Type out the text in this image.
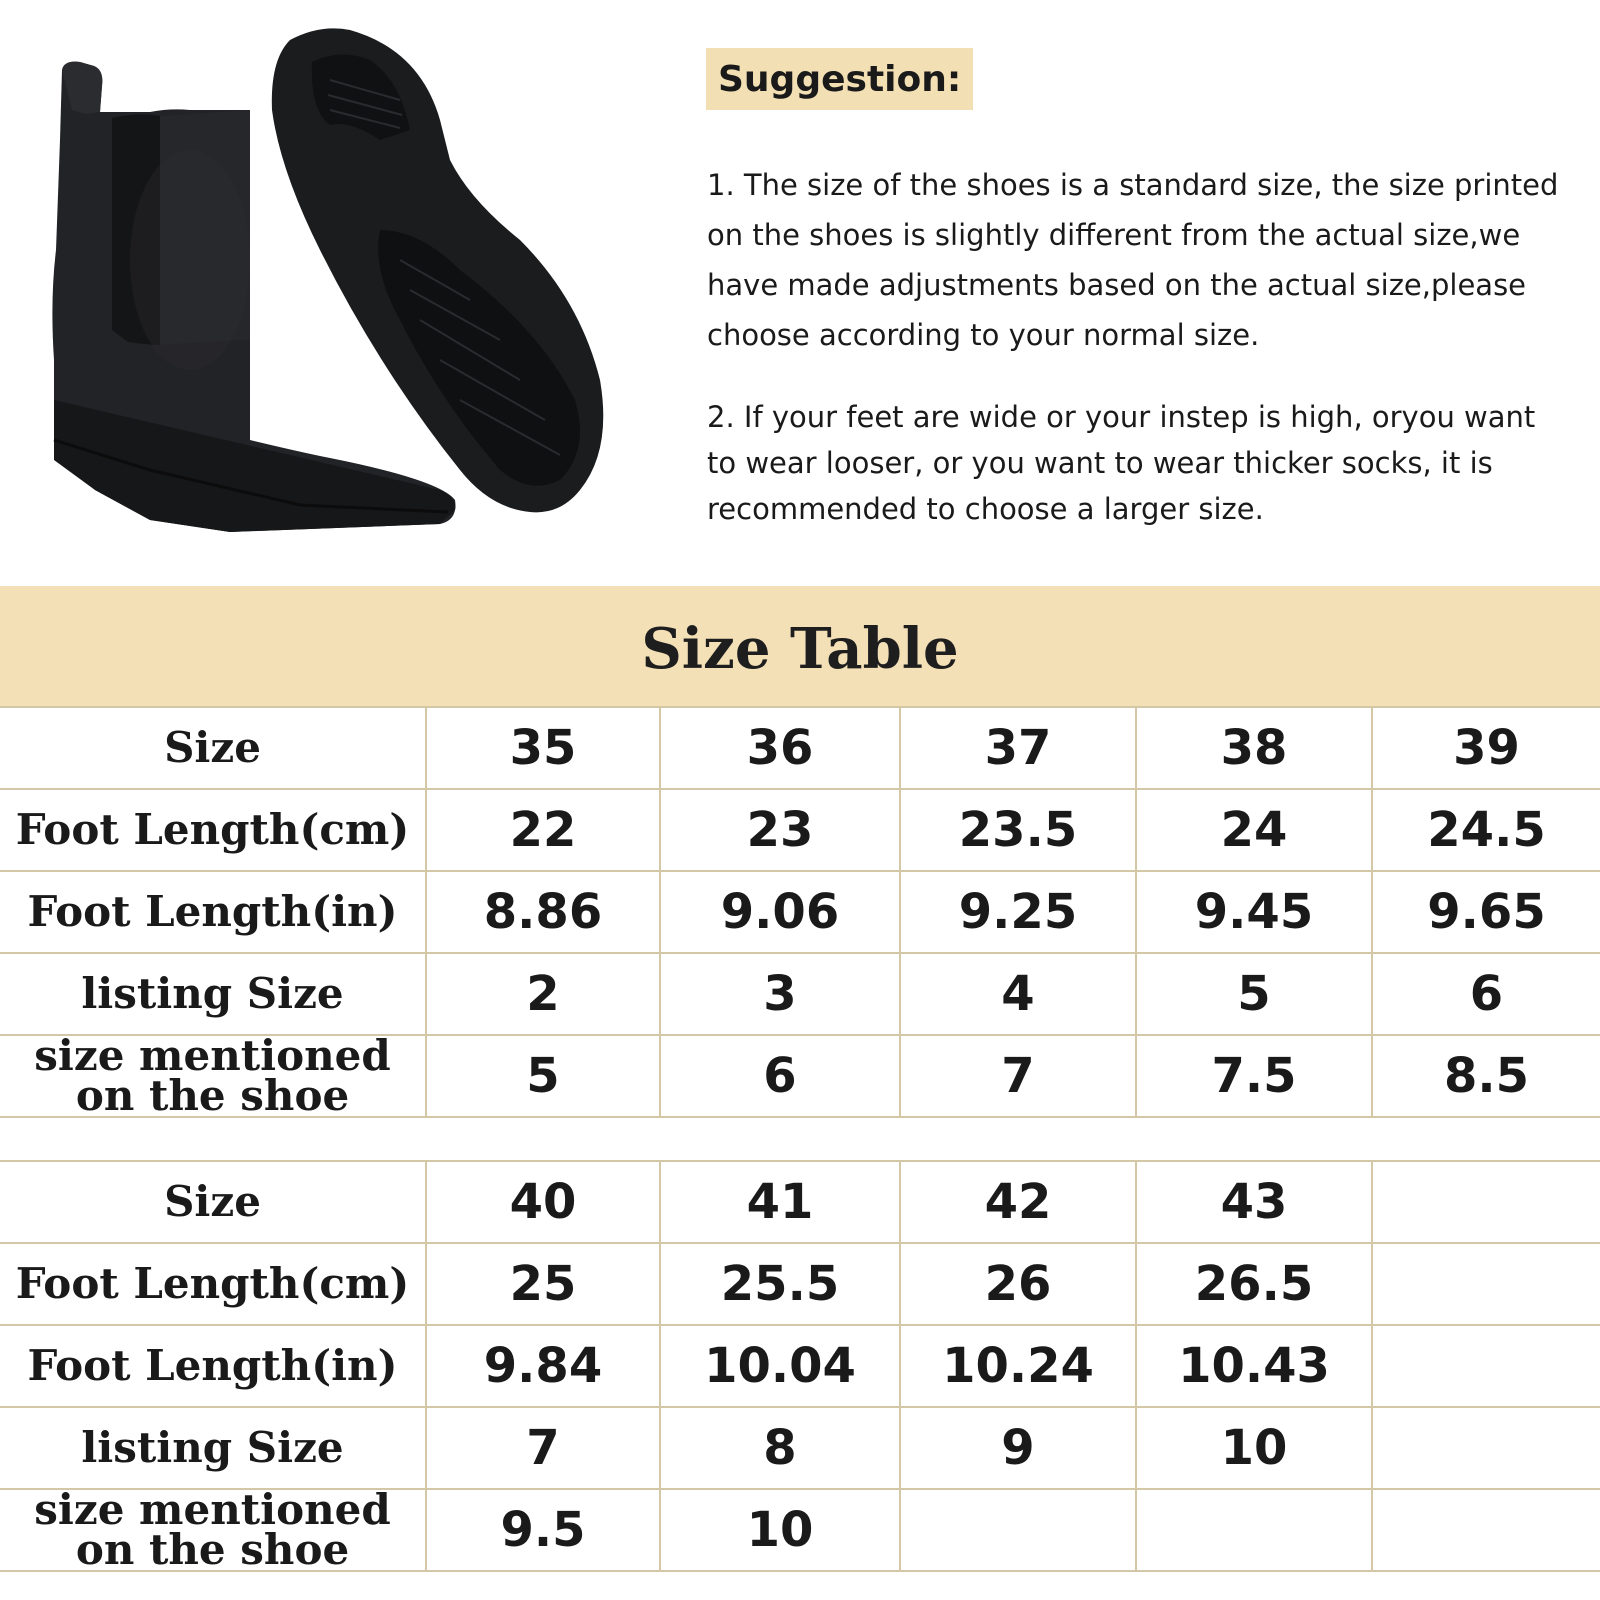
Suggestion:
1. The size of the shoes is a standard size, the size printed
on the shoes is slightly different from the actual size,we
have made adjustments based on the actual size,please
choose according to your normal size.
2. If your feet are wide or your instep is high, oryou want
to wear looser, or you want to wear thicker socks, it is
recommended to choose a larger size.
Size Table
Size	35	36	37	38	39
Foot Length(cm)	22	23	23.5	24	24.5
Foot Length(in)	8.86	9.06	9.25	9.45	9.65
listing Size	2	3	4	5	6
size mentioned
on the shoe	5	6	7	7.5	8.5
Size	40	41	42	43	
Foot Length(cm)	25	25.5	26	26.5	
Foot Length(in)	9.84	10.04	10.24	10.43	
listing Size	7	8	9	10	
size mentioned
on the shoe	9.5	10			
